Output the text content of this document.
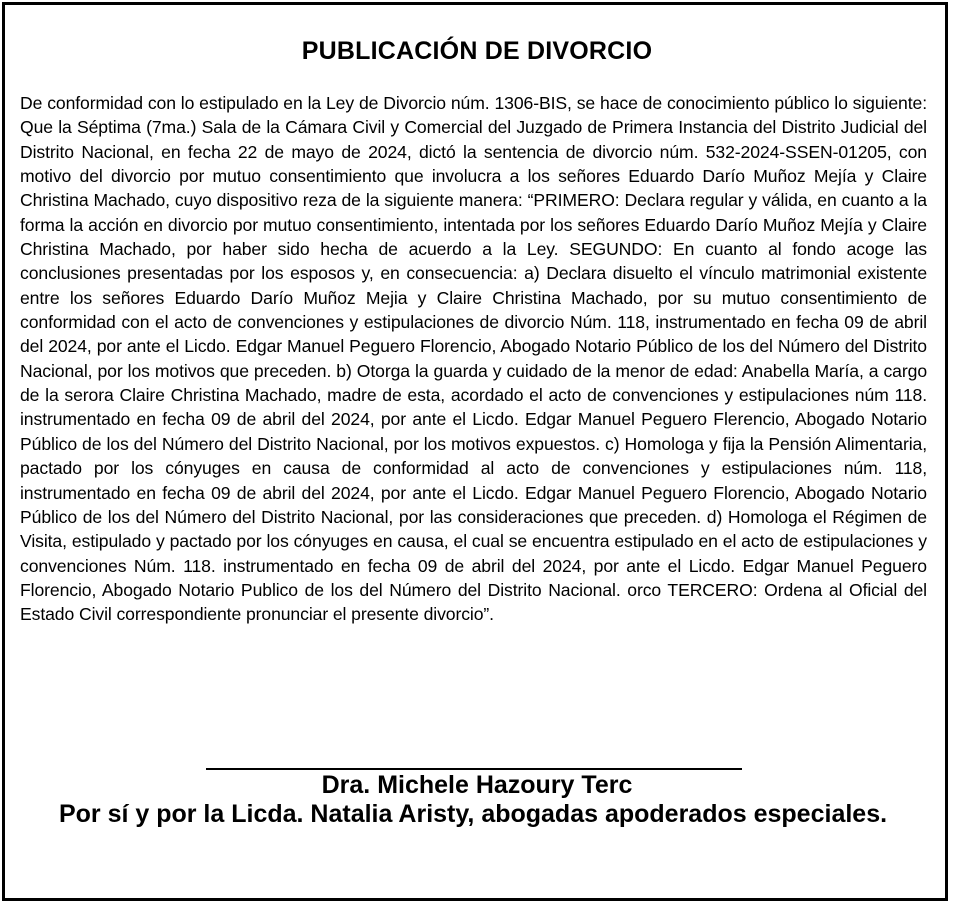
PUBLICACIÓN DE DIVORCIO
De conformidad con lo estipulado en la Ley de Divorcio núm. 1306-BIS, se hace de conocimiento público lo siguiente: Que la Séptima (7ma.) Sala de la Cámara Civil y Comercial del Juzgado de Primera Instancia del Distrito Judicial del Distrito Nacional, en fecha 22 de mayo de 2024, dictó la sentencia de divorcio núm. 532-2024-SSEN-01205, con motivo del divorcio por mutuo consentimiento que involucra a los señores Eduardo Darío Muñoz Mejía y Claire Christina Machado, cuyo dispositivo reza de la siguiente manera: “PRIMERO: Declara regular y válida, en cuanto a la forma la acción en divorcio por mutuo consentimiento, intentada por los señores Eduardo Darío Muñoz Mejía y Claire Christina Machado, por haber sido hecha de acuerdo a la Ley. SEGUNDO: En cuanto al fondo acoge las conclusiones presentadas por los esposos y, en consecuencia: a) Declara disuelto el vínculo matrimonial existente entre los señores Eduardo Darío Muñoz Mejia y Claire Christina Machado, por su mutuo consentimiento de conformidad con el acto de convenciones y estipulaciones de divorcio Núm. 118, instrumentado en fecha 09 de abril del 2024, por ante el Licdo. Edgar Manuel Peguero Florencio, Abogado Notario Público de los del Número del Distrito Nacional, por los motivos que preceden. b) Otorga la guarda y cuidado de la menor de edad: Anabella María, a cargo de la serora Claire Christina Machado, madre de esta, acordado el acto de convenciones y estipulaciones núm 118. instrumentado en fecha 09 de abril del 2024, por ante el Licdo. Edgar Manuel Peguero Flerencio, Abogado Notario Público de los del Número del Distrito Nacional, por los motivos expuestos. c) Homologa y fija la Pensión Alimentaria, pactado por los cónyuges en causa de conformidad al acto de convenciones y estipulaciones núm. 118, instrumentado en fecha 09 de abril del 2024, por ante el Licdo. Edgar Manuel Peguero Florencio, Abogado Notario Público de los del Número del Distrito Nacional, por las consideraciones que preceden. d) Homologa el Régimen de Visita, estipulado y pactado por los cónyuges en causa, el cual se encuentra estipulado en el acto de estipulaciones y convenciones Núm. 118. instrumentado en fecha 09 de abril del 2024, por ante el Licdo. Edgar Manuel Peguero Florencio, Abogado Notario Publico de los del Número del Distrito Nacional. orco TERCERO: Ordena al Oficial del Estado Civil correspondiente pronunciar el presente divorcio”.
Dra. Michele Hazoury Terc
Por sí y por la Licda. Natalia Aristy, abogadas apoderados especiales.
